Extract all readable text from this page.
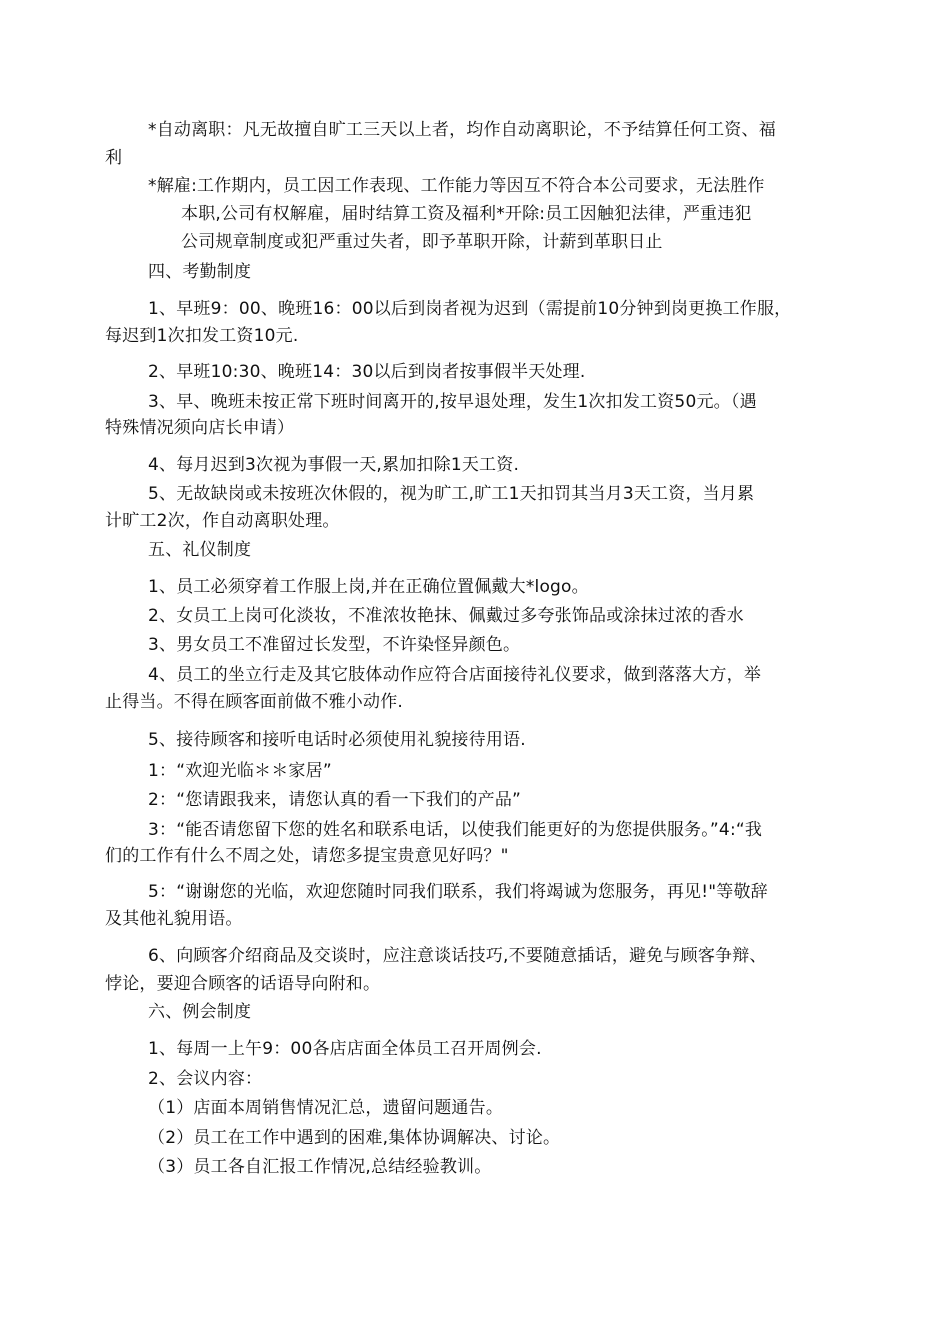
*自动离职：凡无故擅自旷工三天以上者，均作自动离职论，不予结算任何工资、福
利
*解雇:工作期内，员工因工作表现、工作能力等因互不符合本公司要求，无法胜作
本职,公司有权解雇，届时结算工资及福利*开除:员工因触犯法律，严重违犯
公司规章制度或犯严重过失者，即予革职开除，计薪到革职日止
四、考勤制度
1、早班9：00、晚班16：00以后到岗者视为迟到（需提前10分钟到岗更换工作服，
每迟到1次扣发工资10元.
2、早班10:30、晚班14：30以后到岗者按事假半天处理.
3、早、晚班未按正常下班时间离开的,按早退处理，发生1次扣发工资50元。（遇
特殊情况须向店长申请）
4、每月迟到3次视为事假一天,累加扣除1天工资.
5、无故缺岗或未按班次休假的，视为旷工,旷工1天扣罚其当月3天工资，当月累
计旷工2次，作自动离职处理。
五、礼仪制度
1、员工必须穿着工作服上岗,并在正确位置佩戴大*logo。
2、女员工上岗可化淡妆，不准浓妆艳抹、佩戴过多夸张饰品或涂抹过浓的香水
3、男女员工不准留过长发型，不许染怪异颜色。
4、员工的坐立行走及其它肢体动作应符合店面接待礼仪要求，做到落落大方，举
止得当。不得在顾客面前做不雅小动作.
5、接待顾客和接听电话时必须使用礼貌接待用语.
1：“欢迎光临＊＊家居”
2：“您请跟我来，请您认真的看一下我们的产品”
3：“能否请您留下您的姓名和联系电话，以使我们能更好的为您提供服务。”4:“我
们的工作有什么不周之处，请您多提宝贵意见好吗？"
5：“谢谢您的光临，欢迎您随时同我们联系，我们将竭诚为您服务，再见!"等敬辞
及其他礼貌用语。
6、向顾客介绍商品及交谈时，应注意谈话技巧,不要随意插话，避免与顾客争辩、
悖论，要迎合顾客的话语导向附和。
六、例会制度
1、每周一上午9：00各店店面全体员工召开周例会.
2、会议内容：
（1）店面本周销售情况汇总，遗留问题通告。
（2）员工在工作中遇到的困难,集体协调解决、讨论。
（3）员工各自汇报工作情况,总结经验教训。
